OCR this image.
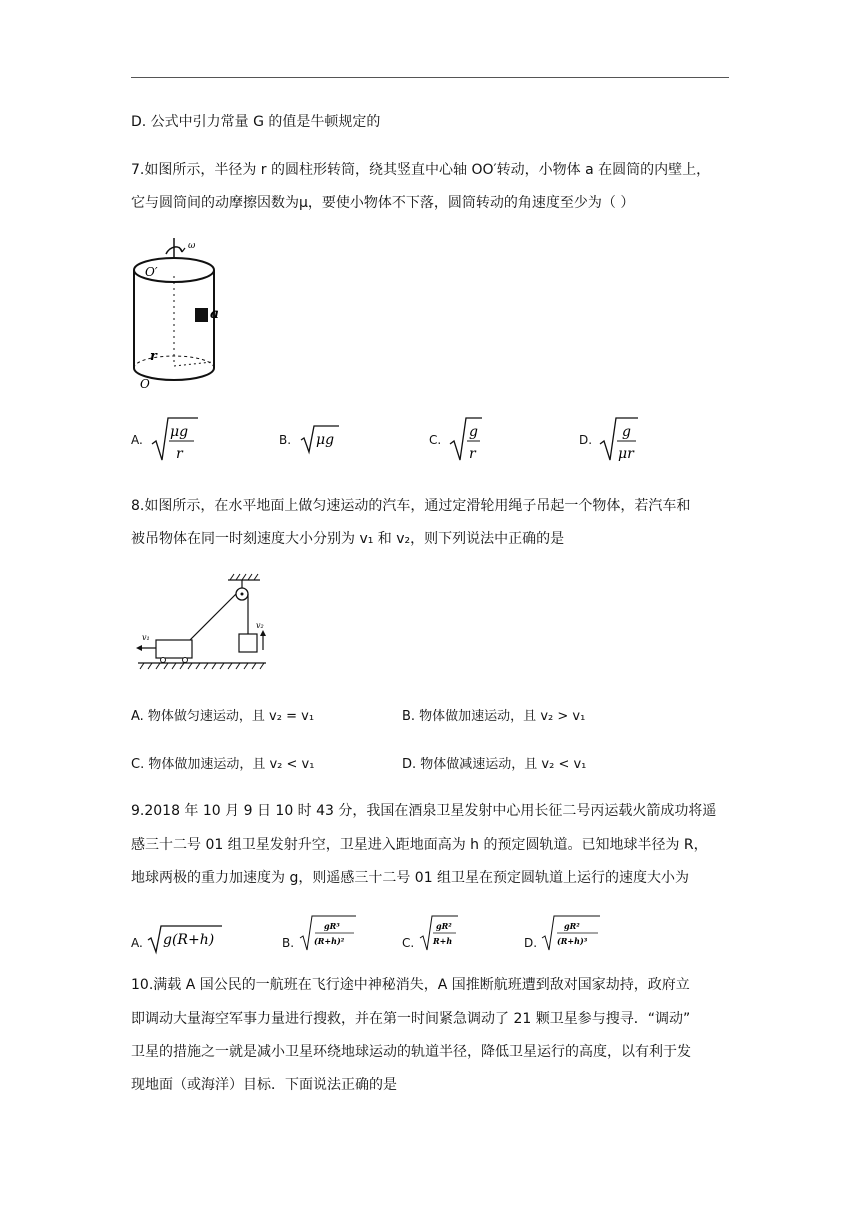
D. 公式中引力常量 G 的值是牛顿规定的
7.如图所示，半径为 r 的圆柱形转筒，绕其竖直中心轴 OO′转动，小物体 a 在圆筒的内壁上，
它与圆筒间的动摩擦因数为μ，要使小物体不下落，圆筒转动的角速度至少为（ ）
ω
a
r
O′
O
A. μg
r
B. μg	C. g
r
D. g
μr
8.如图所示，在水平地面上做匀速运动的汽车，通过定滑轮用绳子吊起一个物体，若汽车和
被吊物体在同一时刻速度大小分别为 v₁ 和 v₂，则下列说法中正确的是
v₂
v₁
A. 物体做匀速运动，且 v₂ = v₁	B. 物体做加速运动，且 v₂ > v₁
C. 物体做加速运动，且 v₂ < v₁	D. 物体做减速运动，且 v₂ < v₁
9.2018 年 10 月 9 日 10 时 43 分，我国在酒泉卫星发射中心用长征二号丙运载火箭成功将遥
感三十二号 01 组卫星发射升空，卫星进入距地面高为 h 的预定圆轨道。已知地球半径为 R，
地球两极的重力加速度为 g，则遥感三十二号 01 组卫星在预定圆轨道上运行的速度大小为
A. g(R+h)	B.
gR³
(R+h)²	C.
gR²
R+h	D.
gR²
(R+h)³
10.满载 A 国公民的一航班在飞行途中神秘消失，A 国推断航班遭到敌对国家劫持，政府立
即调动大量海空军事力量进行搜救，并在第一时间紧急调动了 21 颗卫星参与搜寻．“调动”
卫星的措施之一就是减小卫星环绕地球运动的轨道半径，降低卫星运行的高度，以有利于发
现地面（或海洋）目标．下面说法正确的是
